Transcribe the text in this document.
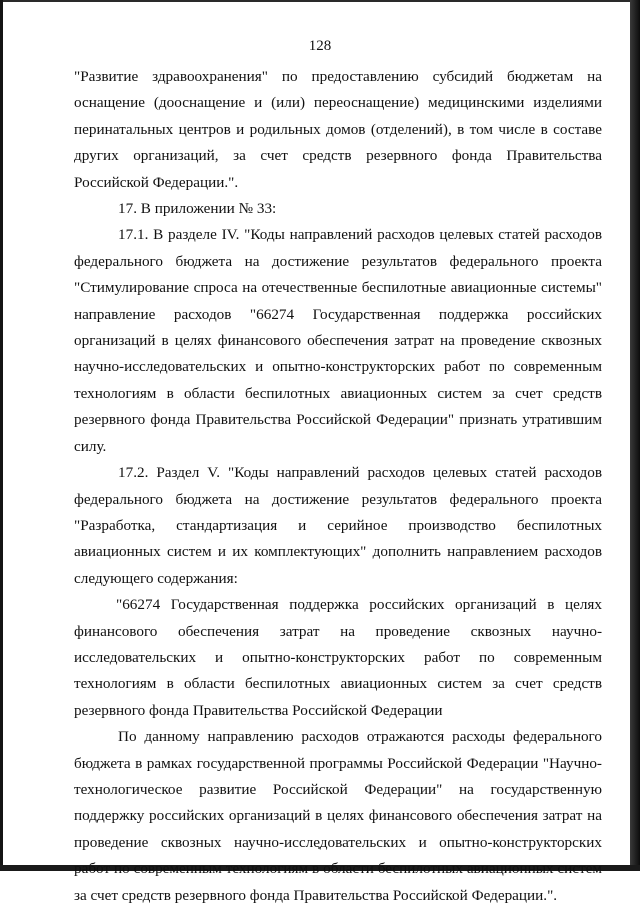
128

"Развитие здравоохранения" по предоставлению субсидий бюджетам на оснащение (дооснащение и (или) переоснащение) медицинскими изделиями перинатальных центров и родильных домов (отделений), в том числе в составе других организаций, за счет средств резервного фонда Правительства Российской Федерации.".

17. В приложении № 33:

17.1. В разделе IV. "Коды направлений расходов целевых статей расходов федерального бюджета на достижение результатов федерального проекта "Стимулирование спроса на отечественные беспилотные авиационные системы" направление расходов "66274 Государственная поддержка российских организаций в целях финансового обеспечения затрат на проведение сквозных научно-исследовательских и опытно-конструкторских работ по современным технологиям в области беспилотных авиационных систем за счет средств резервного фонда Правительства Российской Федерации" признать утратившим силу.

17.2. Раздел V. "Коды направлений расходов целевых статей расходов федерального бюджета на достижение результатов федерального проекта "Разработка, стандартизация и серийное производство беспилотных авиационных систем и их комплектующих" дополнить направлением расходов следующего содержания:

"66274 Государственная поддержка российских организаций в целях финансового обеспечения затрат на проведение сквозных научно-исследовательских и опытно-конструкторских работ по современным технологиям в области беспилотных авиационных систем за счет средств резервного фонда Правительства Российской Федерации

По данному направлению расходов отражаются расходы федерального бюджета в рамках государственной программы Российской Федерации "Научно-технологическое развитие Российской Федерации" на государственную поддержку российских организаций в целях финансового обеспечения затрат на проведение сквозных научно-исследовательских и опытно-конструкторских работ по современным технологиям в области беспилотных авиационных систем за счет средств резервного фонда Правительства Российской Федерации.".
